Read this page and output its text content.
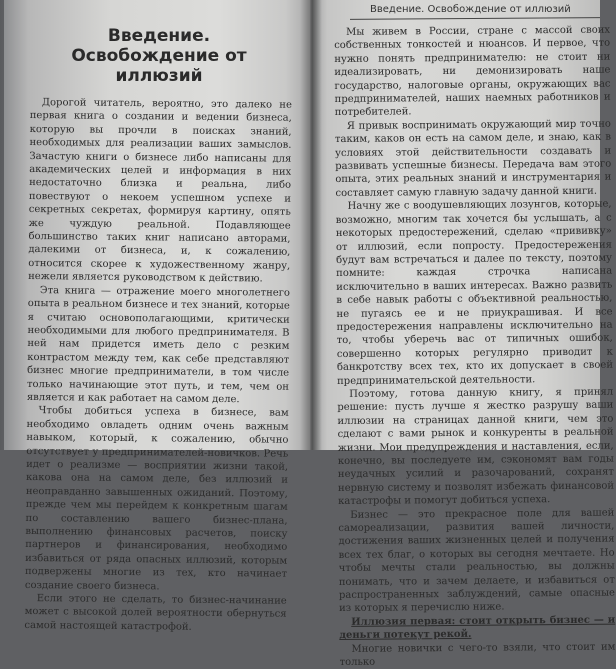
Введение.
Освобождение от иллюзий

Дорогой читатель, вероятно, это далеко не первая книга о создании и ведении бизнеса, которую вы прочли в поисках знаний, необходимых для реализации ваших замыслов. Зачастую книги о бизнесе либо написаны для академических целей и информация в них недостаточно близка и реальна, либо повествуют о некоем успешном успехе и секретных секретах, формируя картину, опять же чуждую реальной. Подавляющее большинство таких книг написано авторами, далекими от бизнеса, и, к сожалению, относится скорее к художественному жанру, нежели является руководством к действию.

Эта книга — отражение моего многолетнего опыта в реальном бизнесе и тех знаний, которые я считаю основополагающими, критически необходимыми для любого предпринимателя. В ней нам придется иметь дело с резким контрастом между тем, как себе представляют бизнес многие предприниматели, в том числе только начинающие этот путь, и тем, чем он является и как работает на самом деле.

Чтобы добиться успеха в бизнесе, вам необходимо овладеть одним очень важным навыком, который, к сожалению, обычно отсутствует у предпринимателей-новичков. Речь идет о реализме — восприятии жизни такой, какова она на самом деле, без иллюзий и неоправданно завышенных ожиданий. Поэтому, прежде чем мы перейдем к конкретным шагам по составлению вашего бизнес-плана, выполнению финансовых расчетов, поиску партнеров и финансирования, необходимо избавиться от ряда опасных иллюзий, которым подвержены многие из тех, кто начинает создание своего бизнеса.

Если этого не сделать, то бизнес-начинание может с высокой долей вероятности обернуться самой настоящей катастрофой.

Введение. Освобождение от иллюзий

Мы живем в России, стране с массой своих собственных тонкостей и нюансов. И первое, что нужно понять предпринимателю: не стоит ни идеализировать, ни демонизировать наше государство, налоговые органы, окружающих вас предпринимателей, наших наемных работников и потребителей.

Я привык воспринимать окружающий мир точно таким, каков он есть на самом деле, и знаю, как в условиях этой действительности создавать и развивать успешные бизнесы. Передача вам этого опыта, этих реальных знаний и инструментария и составляет самую главную задачу данной книги.

Начну же с воодушевляющих лозунгов, которые, возможно, многим так хочется бы услышать, а с некоторых предостережений, сделаю «прививку» от иллюзий, если попросту. Предостережения будут вам встречаться и далее по тексту, поэтому помните: каждая строчка написана исключительно в ваших интересах. Важно развить в себе навык работы с объективной реальностью, не пугаясь ее и не приукрашивая. И все предостережения направлены исключительно на то, чтобы уберечь вас от типичных ошибок, совершенно которых регулярно приводит к банкротству всех тех, кто их допускает в своей предпринимательской деятельности.

Поэтому, готова данную книгу, я принял решение: пусть лучше я жестко разрушу ваши иллюзии на страницах данной книги, чем это сделают с вами рынок и конкуренты в реальной жизни. Мои предупреждения и наставления, если, конечно, вы последуете им, сэкономят вам годы неудачных усилий и разочарований, сохранят нервную систему и позволят избежать финансовой катастрофы и помогут добиться успеха.

Бизнес — это прекрасное поле для вашей самореализации, развития вашей личности, достижения ваших жизненных целей и получения всех тех благ, о которых вы сегодня мечтаете. Но чтобы мечты стали реальностью, вы должны понимать, что и зачем делаете, и избавиться от распространенных заблуждений, самые опасные из которых я перечислю ниже.

Иллюзия первая: стоит открыть бизнес — и деньги потекут рекой.

Многие новички с чего-то взяли, что стоит им только
